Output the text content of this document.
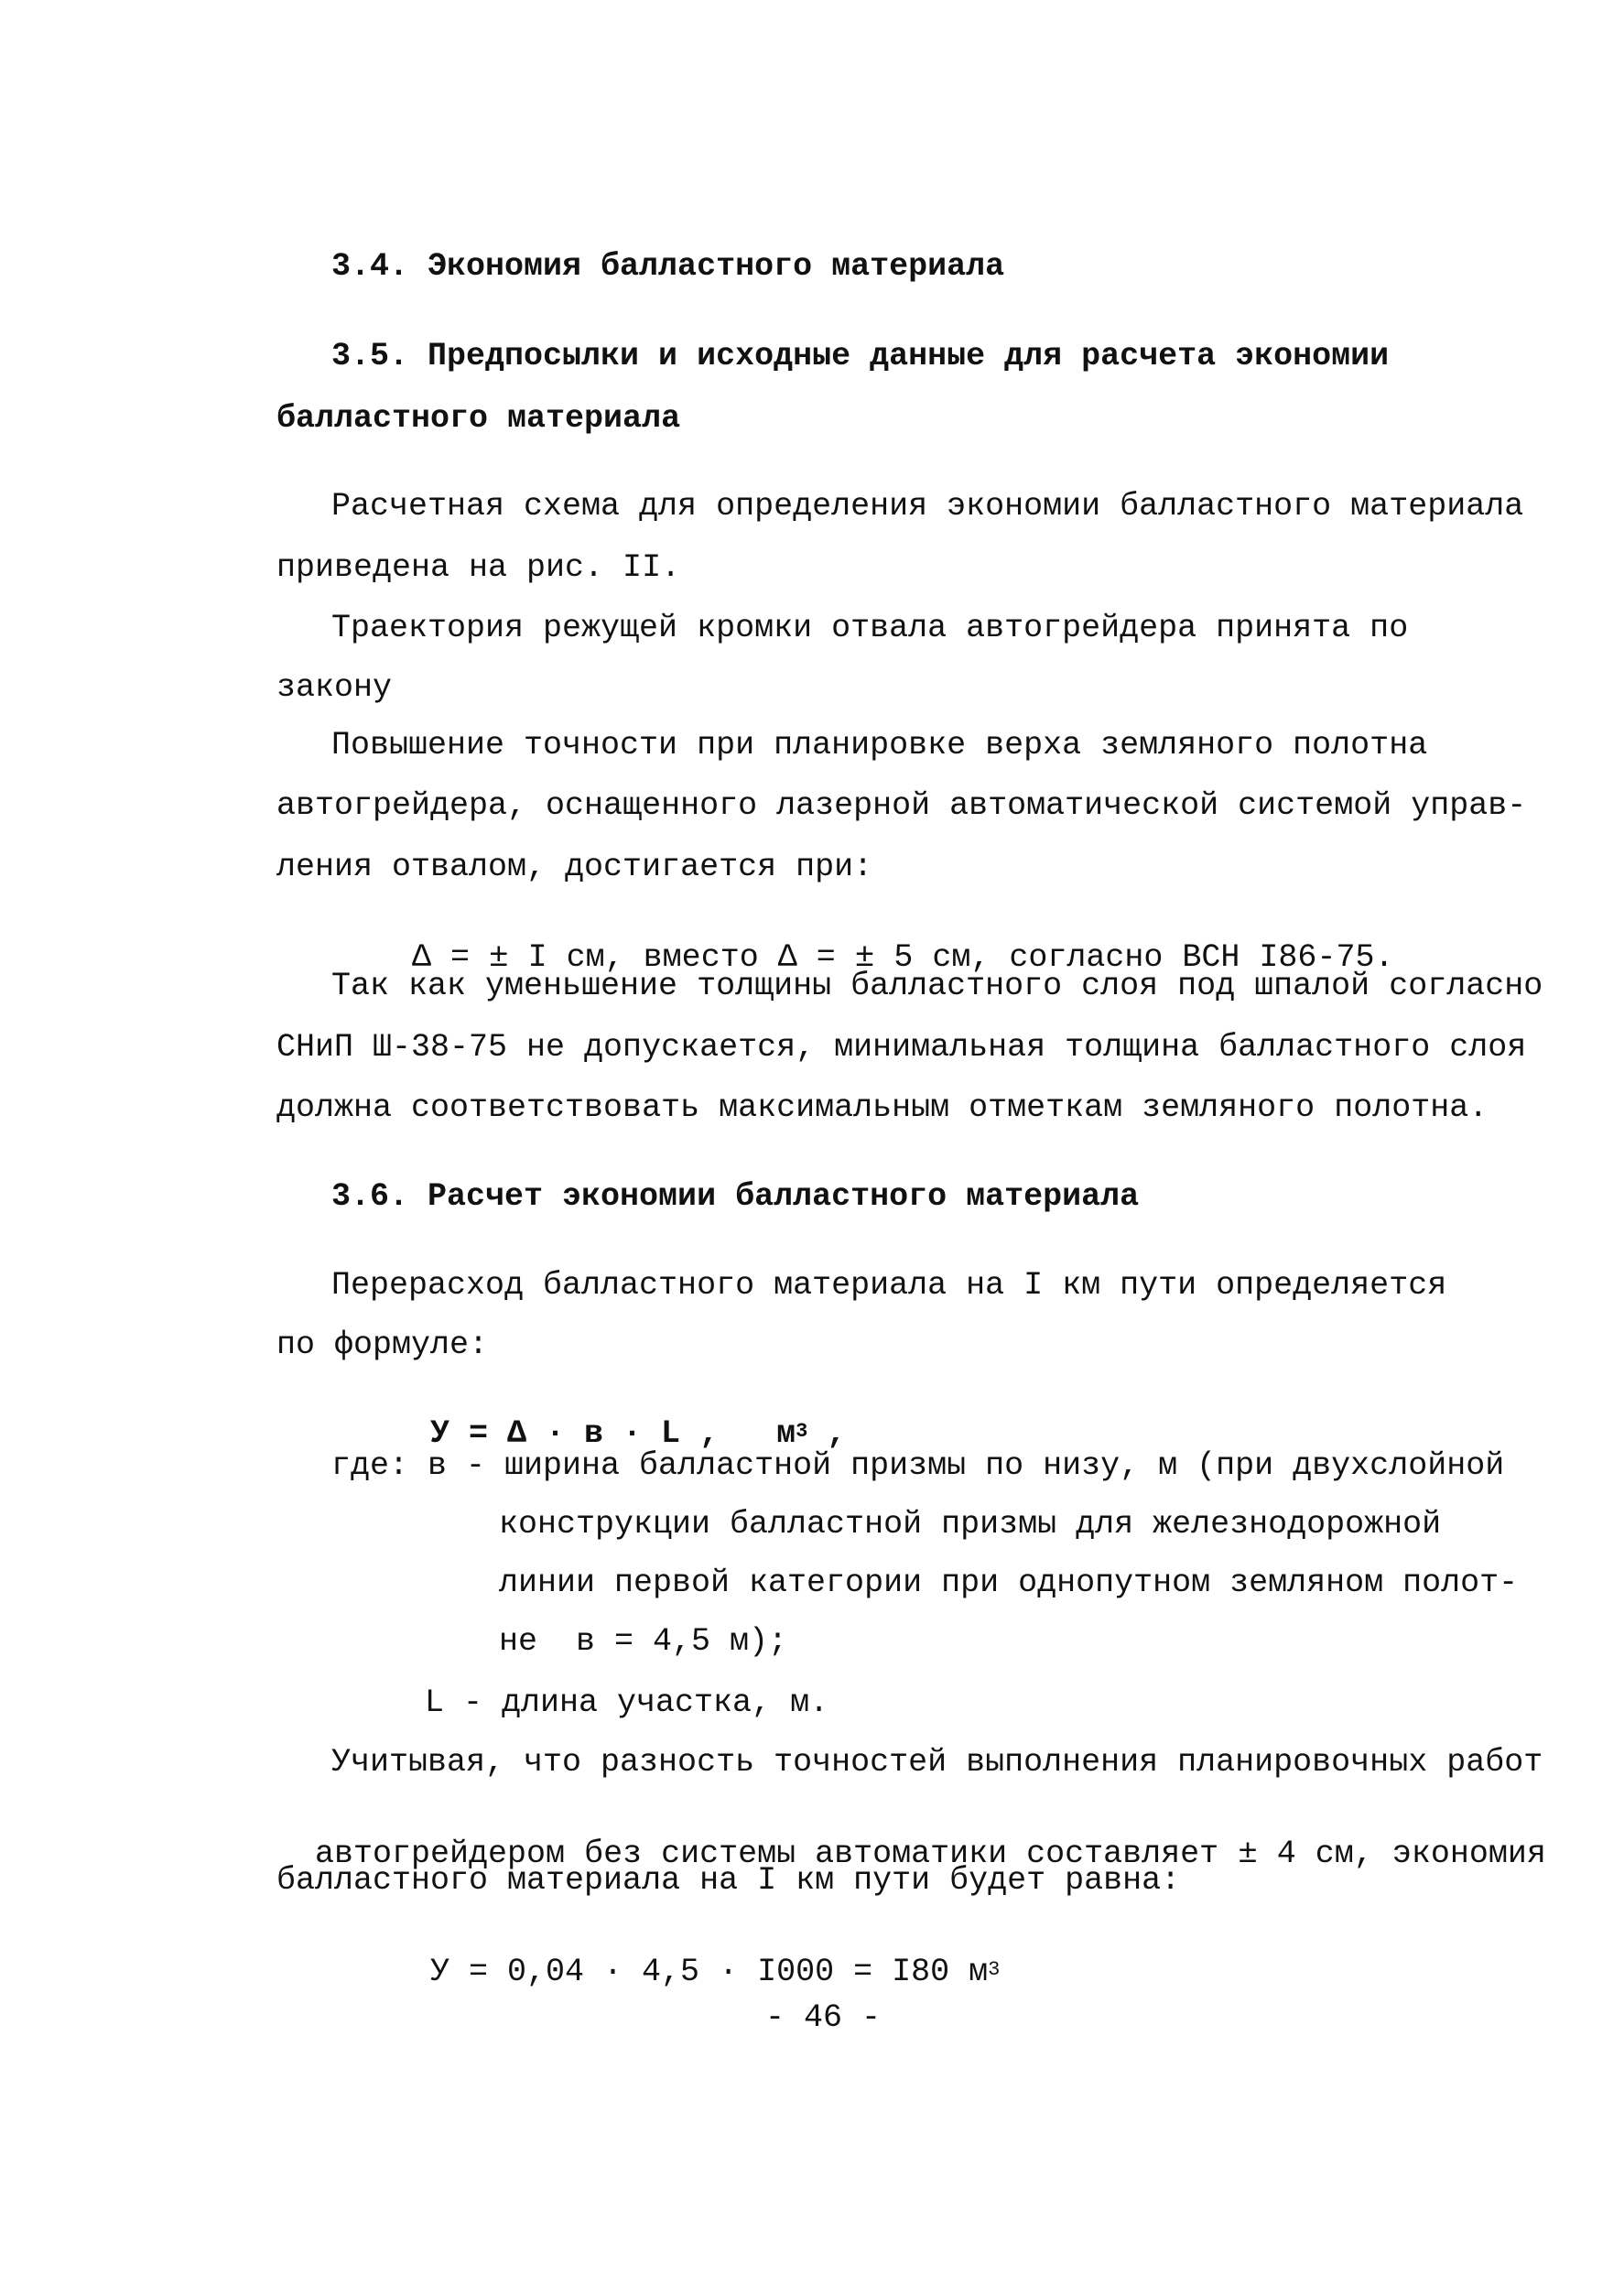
3.4. Экономия балластного материала
3.5. Предпосылки и исходные данные для расчета экономии
балластного материала
Расчетная схема для определения экономии балластного материала
приведена на рис. II.
Траектория режущей кромки отвала автогрейдера принята по
закону
Повышение точности при планировке верха земляного полотна
автогрейдера, оснащенного лазерной автоматической системой управ-
ления отвалом, достигается при:

Δ = ± I см, вместо Δ = ± 5 см, согласно ВСН I86-75.

Так как уменьшение толщины балластного слоя под шпалой согласно
СНиП Ш-38-75 не допускается, минимальная толщина балластного слоя
должна соответствовать максимальным отметкам земляного полотна.
3.6. Расчет экономии балластного материала
Перерасход балластного материала на I км пути определяется
по формуле:

У = Δ · в · L ,   $м^3$ ,

где: в - ширина балластной призмы по низу, м (при двухслойной
конструкции балластной призмы для железнодорожной
линии первой категории при однопутном земляном полот-
не  в = 4,5 м);
L - длина участка, м.
Учитывая, что разность точностей выполнения планировочных работ

автогрейдером без системы автоматики составляет ± 4 см, экономия

балластного материала на I км пути будет равна:

У = 0,04 · 4,5 · I000 = I80 $м^3$

- 46 -
